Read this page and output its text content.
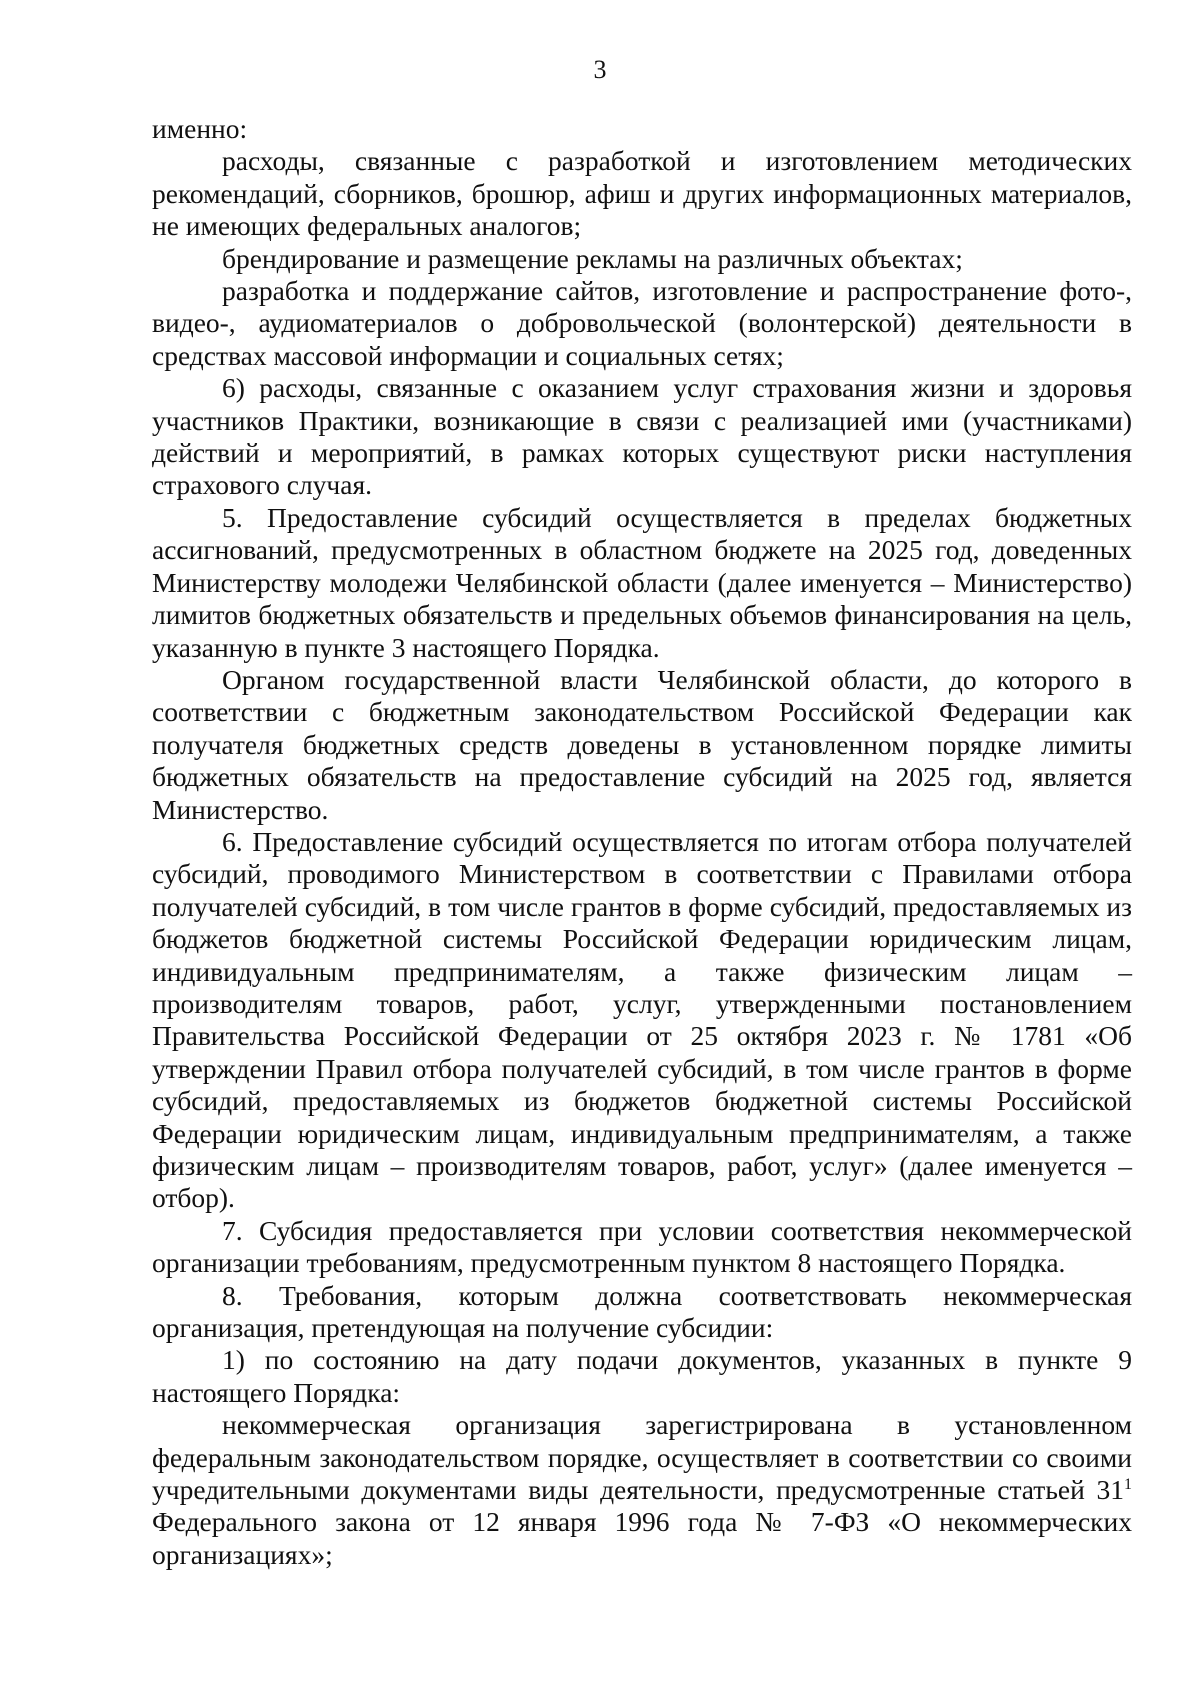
3

именно:

расходы, связанные с разработкой и изготовлением методических рекомендаций, сборников, брошюр, афиш и других информационных материалов, не имеющих федеральных аналогов;

брендирование и размещение рекламы на различных объектах;

разработка и поддержание сайтов, изготовление и распространение фото-, видео-, аудиоматериалов о добровольческой (волонтерской) деятельности в средствах массовой информации и социальных сетях;

6) расходы, связанные с оказанием услуг страхования жизни и здоровья участников Практики, возникающие в связи с реализацией ими (участниками) действий и мероприятий, в рамках которых существуют риски наступления страхового случая.

5. Предоставление субсидий осуществляется в пределах бюджетных ассигнований, предусмотренных в областном бюджете на 2025 год, доведенных Министерству молодежи Челябинской области (далее именуется – Министерство) лимитов бюджетных обязательств и предельных объемов финансирования на цель, указанную в пункте 3 настоящего Порядка.

Органом государственной власти Челябинской области, до которого в соответствии с бюджетным законодательством Российской Федерации как получателя бюджетных средств доведены в установленном порядке лимиты бюджетных обязательств на предоставление субсидий на 2025 год, является Министерство.

6. Предоставление субсидий осуществляется по итогам отбора получателей субсидий, проводимого Министерством в соответствии с Правилами отбора получателей субсидий, в том числе грантов в форме субсидий, предоставляемых из бюджетов бюджетной системы Российской Федерации юридическим лицам, индивидуальным предпринимателям, а также физическим лицам – производителям товаров, работ, услуг, утвержденными постановлением Правительства Российской Федерации от 25 октября 2023 г. № 1781 «Об утверждении Правил отбора получателей субсидий, в том числе грантов в форме субсидий, предоставляемых из бюджетов бюджетной системы Российской Федерации юридическим лицам, индивидуальным предпринимателям, а также физическим лицам – производителям товаров, работ, услуг» (далее именуется – отбор).

7. Субсидия предоставляется при условии соответствия некоммерческой организации требованиям, предусмотренным пунктом 8 настоящего Порядка.

8. Требования, которым должна соответствовать некоммерческая организация, претендующая на получение субсидии:

1) по состоянию на дату подачи документов, указанных в пункте 9 настоящего Порядка:

некоммерческая организация зарегистрирована в установленном федеральным законодательством порядке, осуществляет в соответствии со своими учредительными документами виды деятельности, предусмотренные статьей $31^1$ Федерального закона от 12 января 1996 года № 7-ФЗ «О некоммерческих организациях»;
